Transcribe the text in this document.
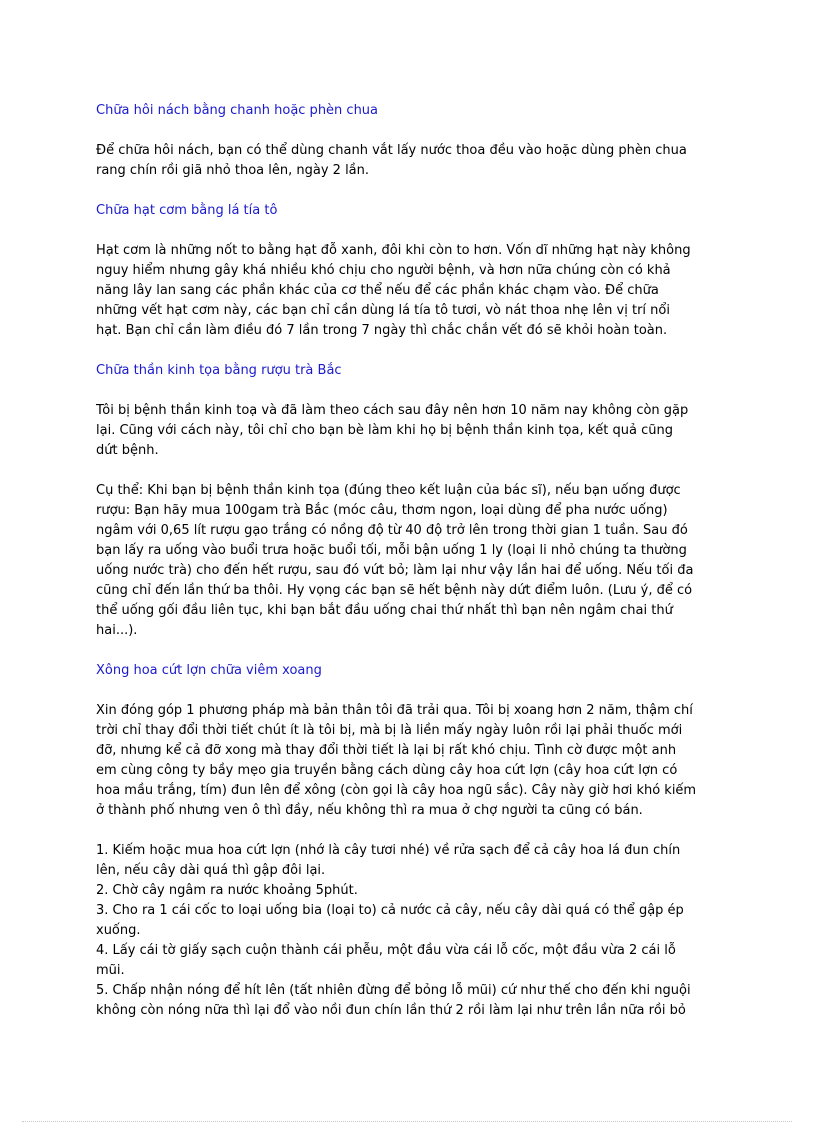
Chữa hôi nách bằng chanh hoặc phèn chua

Để chữa hôi nách, bạn có thể dùng chanh vắt lấy nước thoa đều vào hoặc dùng phèn chua
rang chín rồi giã nhỏ thoa lên, ngày 2 lần.

Chữa hạt cơm bằng lá tía tô

Hạt cơm là những nốt to bằng hạt đỗ xanh, đôi khi còn to hơn. Vốn dĩ những hạt này không
nguy hiểm nhưng gây khá nhiều khó chịu cho người bệnh, và hơn nữa chúng còn có khả
năng lây lan sang các phần khác của cơ thể nếu để các phần khác chạm vào. Để chữa
những vết hạt cơm này, các bạn chỉ cần dùng lá tía tô tươi, vò nát thoa nhẹ lên vị trí nổi
hạt. Bạn chỉ cần làm điều đó 7 lần trong 7 ngày thì chắc chắn vết đó sẽ khỏi hoàn toàn.

Chữa thần kinh tọa bằng rượu trà Bắc

Tôi bị bệnh thần kinh toạ và đã làm theo cách sau đây nên hơn 10 năm nay không còn gặp
lại. Cũng với cách này, tôi chỉ cho bạn bè làm khi họ bị bệnh thần kinh tọa, kết quả cũng
dứt bệnh.

Cụ thể: Khi bạn bị bệnh thần kinh tọa (đúng theo kết luận của bác sĩ), nếu bạn uống được
rượu: Bạn hãy mua 100gam trà Bắc (móc câu, thơm ngon, loại dùng để pha nước uống)
ngâm với 0,65 lít rượu gạo trắng có nồng độ từ 40 độ trở lên trong thời gian 1 tuần. Sau đó
bạn lấy ra uống vào buổi trưa hoặc buổi tối, mỗi bận uống 1 ly (loại li nhỏ chúng ta thường
uống nước trà) cho đến hết rượu, sau đó vứt bỏ; làm lại như vậy lần hai để uống. Nếu tối đa
cũng chỉ đến lần thứ ba thôi. Hy vọng các bạn sẽ hết bệnh này dứt điểm luôn. (Lưu ý, để có
thể uống gối đầu liên tục, khi bạn bắt đầu uống chai thứ nhất thì bạn nên ngâm chai thứ
hai...).

Xông hoa cứt lợn chữa viêm xoang

Xin đóng góp 1 phương pháp mà bản thân tôi đã trải qua. Tôi bị xoang hơn 2 năm, thậm chí
trời chỉ thay đổi thời tiết chút ít là tôi bị, mà bị là liền mấy ngày luôn rồi lại phải thuốc mới
đỡ, nhưng kể cả đỡ xong mà thay đổi thời tiết là lại bị rất khó chịu. Tình cờ được một anh
em cùng công ty bầy mẹo gia truyền bằng cách dùng cây hoa cứt lợn (cây hoa cứt lợn có
hoa mầu trắng, tím) đun lên để xông (còn gọi là cây hoa ngũ sắc). Cây này giờ hơi khó kiếm
ở thành phố nhưng ven ô thì đầy, nếu không thì ra mua ở chợ người ta cũng có bán.

1. Kiếm hoặc mua hoa cứt lợn (nhớ là cây tươi nhé) về rửa sạch để cả cây hoa lá đun chín
lên, nếu cây dài quá thì gập đôi lại.
2. Chờ cây ngâm ra nước khoảng 5phút.
3. Cho ra 1 cái cốc to loại uống bia (loại to) cả nước cả cây, nếu cây dài quá có thể gập ép
xuống.
4. Lấy cái tờ giấy sạch cuộn thành cái phễu, một đầu vừa cái lỗ cốc, một đầu vừa 2 cái lỗ
mũi.
5. Chấp nhận nóng để hít lên (tất nhiên đừng để bỏng lỗ mũi) cứ như thế cho đến khi nguội
không còn nóng nữa thì lại đổ vào nồi đun chín lần thứ 2 rồi làm lại như trên lần nữa rồi bỏ
